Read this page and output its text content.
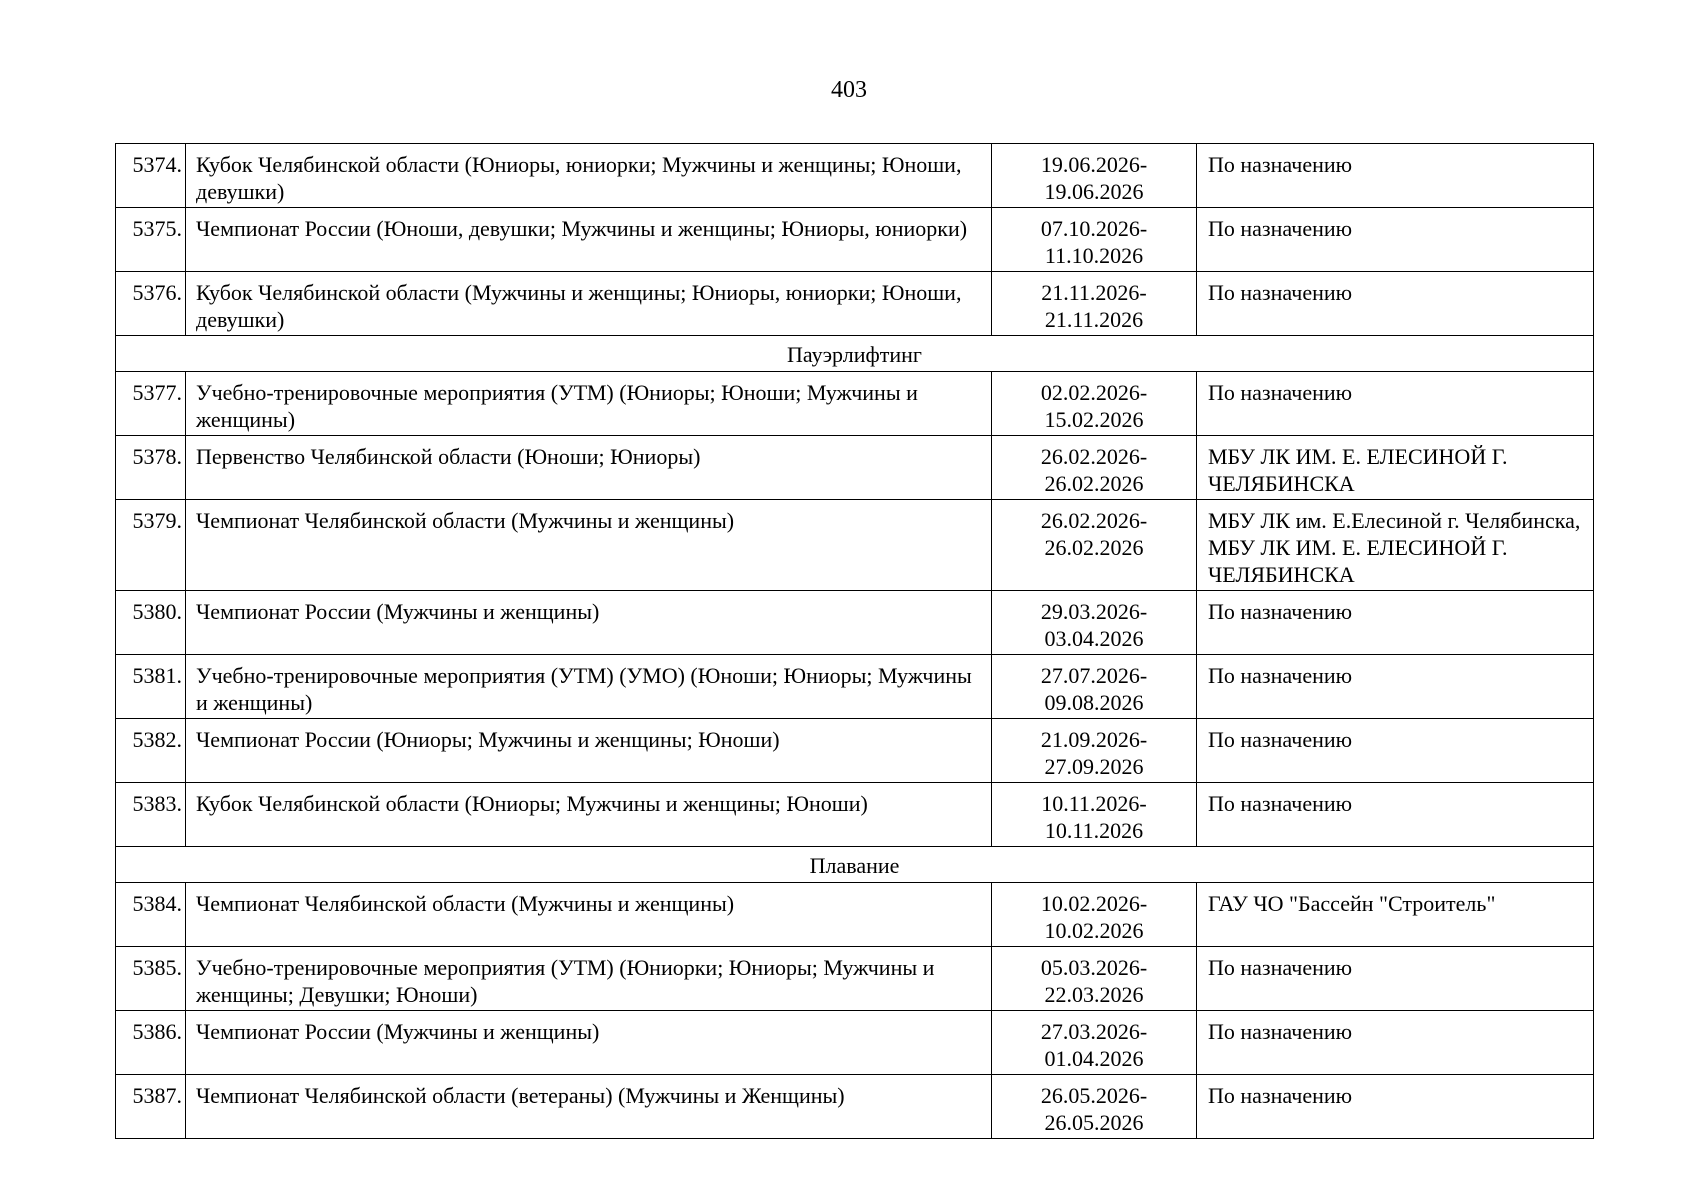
403
5374.	Кубок Челябинской области (Юниоры, юниорки; Мужчины и женщины; Юноши, девушки)	19.06.2026-
19.06.2026	По назначению
5375.	Чемпионат России (Юноши, девушки; Мужчины и женщины; Юниоры, юниорки)	07.10.2026-
11.10.2026	По назначению
5376.	Кубок Челябинской области (Мужчины и женщины; Юниоры, юниорки; Юноши, девушки)	21.11.2026-
21.11.2026	По назначению
Пауэрлифтинг			
5377.	Учебно-тренировочные мероприятия (УТМ) (Юниоры; Юноши; Мужчины и женщины)	02.02.2026-
15.02.2026	По назначению
5378.	Первенство Челябинской области (Юноши; Юниоры)	26.02.2026-
26.02.2026	МБУ ЛК ИМ. Е. ЕЛЕСИНОЙ Г. ЧЕЛЯБИНСКА
5379.	Чемпионат Челябинской области (Мужчины и женщины)	26.02.2026-
26.02.2026	МБУ ЛК им. Е.Елесиной г. Челябинска, МБУ ЛК ИМ. Е. ЕЛЕСИНОЙ Г. ЧЕЛЯБИНСКА
5380.	Чемпионат России (Мужчины и женщины)	29.03.2026-
03.04.2026	По назначению
5381.	Учебно-тренировочные мероприятия (УТМ) (УМО) (Юноши; Юниоры; Мужчины и женщины)	27.07.2026-
09.08.2026	По назначению
5382.	Чемпионат России (Юниоры; Мужчины и женщины; Юноши)	21.09.2026-
27.09.2026	По назначению
5383.	Кубок Челябинской области (Юниоры; Мужчины и женщины; Юноши)	10.11.2026-
10.11.2026	По назначению
Плавание			
5384.	Чемпионат Челябинской области (Мужчины и женщины)	10.02.2026-
10.02.2026	ГАУ ЧО "Бассейн "Строитель"
5385.	Учебно-тренировочные мероприятия (УТМ) (Юниорки; Юниоры; Мужчины и женщины; Девушки; Юноши)	05.03.2026-
22.03.2026	По назначению
5386.	Чемпионат России (Мужчины и женщины)	27.03.2026-
01.04.2026	По назначению
5387.	Чемпионат Челябинской области (ветераны) (Мужчины и Женщины)	26.05.2026-
26.05.2026	По назначению
